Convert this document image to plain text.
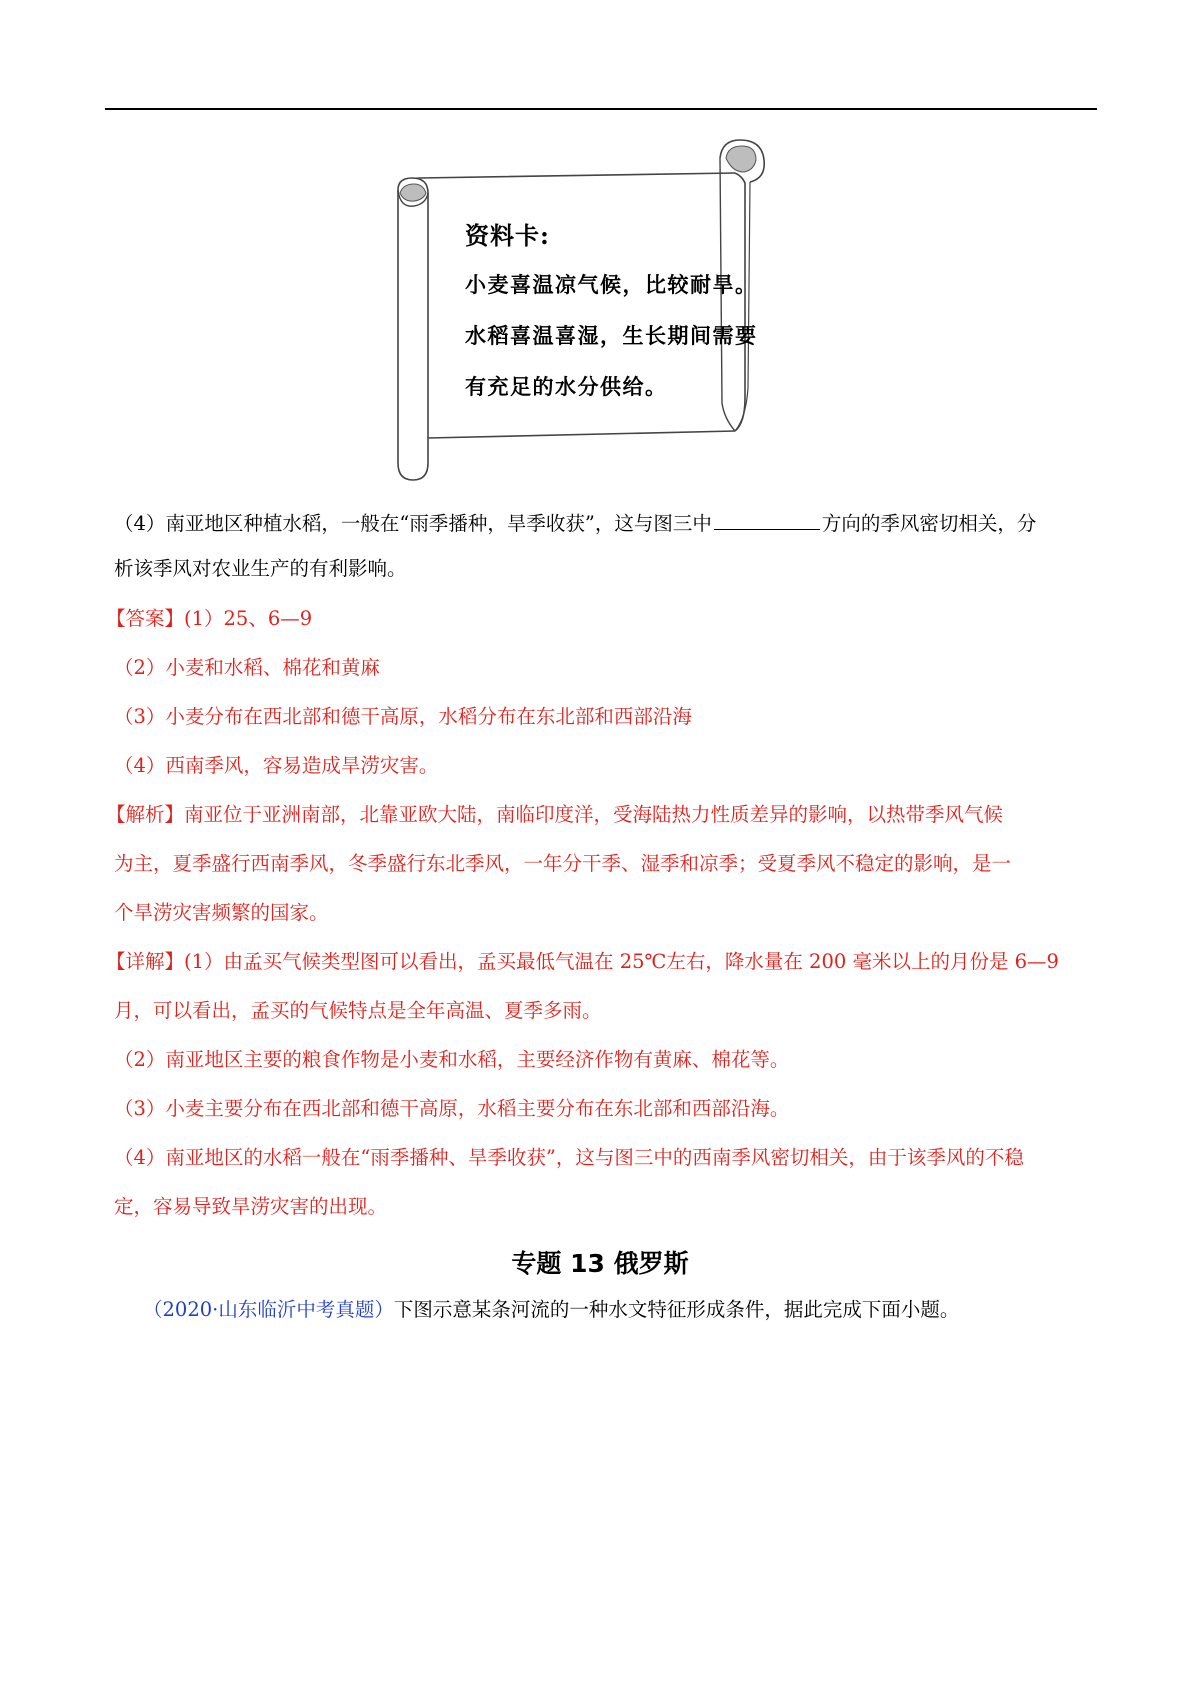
资料卡:
小麦喜温凉气候，比较耐旱。
水稻喜温喜湿，生长期间需要
有充足的水分供给。
（4）南亚地区种植水稻，一般在“雨季播种，旱季收获”，这与图三中	方向的季风密切相关，分
析该季风对农业生产的有利影响。
【答案】(1）25、6—9
（2）小麦和水稻、棉花和黄麻
（3）小麦分布在西北部和德干高原，水稻分布在东北部和西部沿海
（4）西南季风，容易造成旱涝灾害。
【解析】南亚位于亚洲南部，北靠亚欧大陆，南临印度洋，受海陆热力性质差异的影响，以热带季风气候
为主，夏季盛行西南季风，冬季盛行东北季风，一年分干季、湿季和凉季；受夏季风不稳定的影响，是一
个旱涝灾害频繁的国家。
【详解】(1）由孟买气候类型图可以看出，孟买最低气温在 25℃左右，降水量在 200 毫米以上的月份是 6—9
月，可以看出，孟买的气候特点是全年高温、夏季多雨。
（2）南亚地区主要的粮食作物是小麦和水稻，主要经济作物有黄麻、棉花等。
（3）小麦主要分布在西北部和德干高原，水稻主要分布在东北部和西部沿海。
（4）南亚地区的水稻一般在“雨季播种、旱季收获”，这与图三中的西南季风密切相关，由于该季风的不稳
定，容易导致旱涝灾害的出现。
专题 13 俄罗斯
（2020·山东临沂中考真题）下图示意某条河流的一种水文特征形成条件，据此完成下面小题。
